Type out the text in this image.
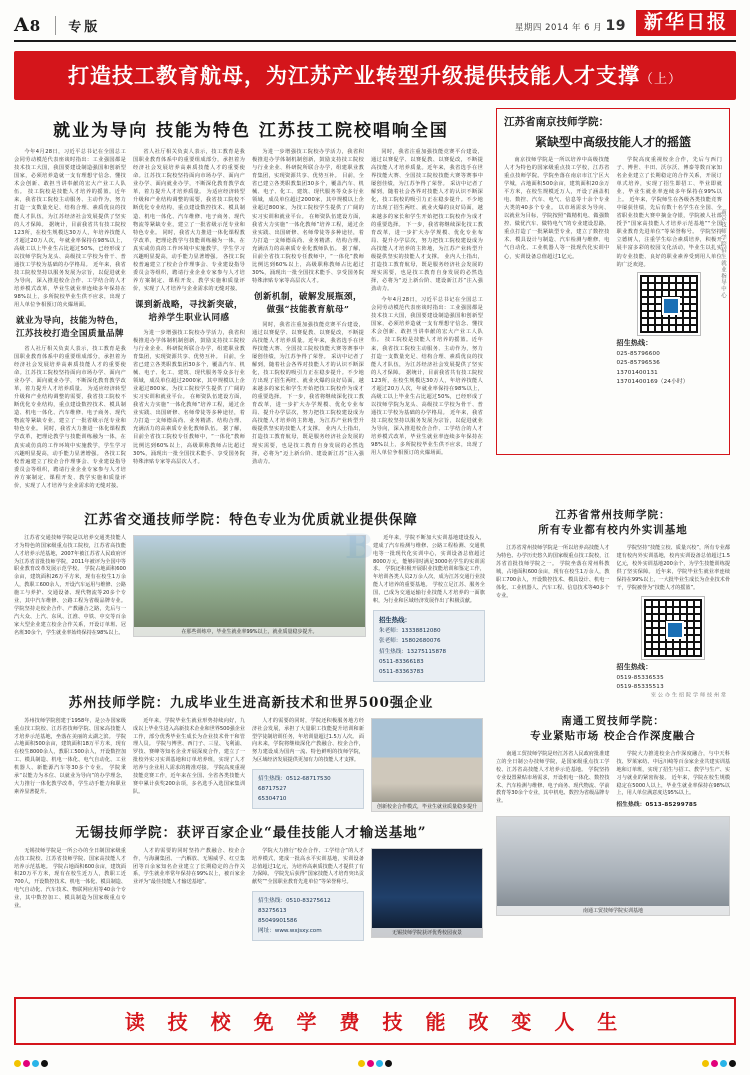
A8	专版	星期四 2014 年 6 月 19 新华日报
打造技工教育航母，为江苏产业转型升级提供技能人才支撑（上）
就业为导向 技能为特色 江苏技工院校唱响全国

今年4月28日，习近平总书记在全国总工会同劳动模范代表座谈时指出：工业强国都是技术技工大国，我国要建设制造强国和创新型国家，必须培养造就一支有理想守信念、懂技术会创新、敢担当讲奉献的宏大产业工人队伍。 技工院校是技能人才培养的摇篮。近年来，我省技工院校主动服务、主动作为，努力打造一支数量充足、结构合理、素质优良的技能人才队伍，为江苏经济社会发展提供了坚实的人才保障。 据统计，目前我省共有技工院校123所，在校生规模达30万人，年培养技能人才超过20万人次，年就业率保持在98%以上，高级工以上毕业生占比超过50%，已经形成了以技师学院为龙头、高级技工学校为骨干、普通技工学校为基础的办学格局。 近年来，我省技工院校坚持以服务发展为宗旨，以促进就业为导向，深入推进校企合作、工学结合的人才培养模式改革，毕业生就业率连续多年保持在98%以上，多所院校毕业生供不应求，出现了用人单位争相预订的火爆场面。

就业为导向，技能为特色， 江苏技校打造全国质量品牌

省人社厅相关负责人表示，技工教育是我国职业教育体系中的重要组成部分，承担着为经济社会发展培养高素质技能人才的重要使命。江苏技工院校坚持面向市场办学、面向产业办学、面向就业办学，不断深化教育教学改革，着力提升人才培养质量。 为适应经济转型升级和产业结构调整的需要，我省技工院校不断优化专业结构，重点建设数控技术、模具制造、机电一体化、汽车维修、电子商务、现代物流等紧缺专业，建立了一批省级示范专业和特色专业。 同时，我省大力推进一体化课程教学改革，把理论教学与技能训练融为一体，在真实或仿真的工作环境中实施教学，学生学习兴趣明显提高，动手能力显著增强。 各技工院校普遍建立了校企合作理事会、专业建设指导委员会等组织，聘请行业企业专家参与人才培养方案制定、课程开发、教学实施和质量评价，实现了人才培养与企业需求的无缝对接。

省人社厅相关负责人表示，技工教育是我国职业教育体系中的重要组成部分，承担着为经济社会发展培养高素质技能人才的重要使命。江苏技工院校坚持面向市场办学、面向产业办学、面向就业办学，不断深化教育教学改革，着力提升人才培养质量。 为适应经济转型升级和产业结构调整的需要，我省技工院校不断优化专业结构，重点建设数控技术、模具制造、机电一体化、汽车维修、电子商务、现代物流等紧缺专业，建立了一批省级示范专业和特色专业。 同时，我省大力推进一体化课程教学改革，把理论教学与技能训练融为一体，在真实或仿真的工作环境中实施教学，学生学习兴趣明显提高，动手能力显著增强。 各技工院校普遍建立了校企合作理事会、专业建设指导委员会等组织，聘请行业企业专家参与人才培养方案制定、课程开发、教学实施和质量评价，实现了人才培养与企业需求的无缝对接。

课到新战略，寻找新突破， 培养学生职业认同感

为进一步增强技工院校办学活力，我省积极推进办学体制机制创新，鼓励支持技工院校与行业企业、科研院所联合办学，组建职业教育集团，实现资源共享、优势互补。 目前，全省已建立各类职教集团30多个，覆盖汽车、机械、电子、化工、建筑、现代服务等众多行业领域，成员单位超过2000家，其中规模以上企业超过800家，为技工院校学生提供了广阔的实习实训和就业平台。 在师资队伍建设方面，我省大力实施“一体化教师”培养工程，通过企业实践、出国研修、名师带徒等多种途径，着力打造一支师德高尚、业务精湛、结构合理、充满活力的高素质专业化教师队伍。 据了解，目前全省技工院校专任教师中，“一体化”教师比例达到60%以上，高级职称教师占比超过30%，涌现出一批全国技术能手、享受国务院特殊津贴专家等高层次人才。

为进一步增强技工院校办学活力，我省积极推进办学体制机制创新，鼓励支持技工院校与行业企业、科研院所联合办学，组建职业教育集团，实现资源共享、优势互补。 目前，全省已建立各类职教集团30多个，覆盖汽车、机械、电子、化工、建筑、现代服务等众多行业领域，成员单位超过2000家，其中规模以上企业超过800家，为技工院校学生提供了广阔的实习实训和就业平台。 在师资队伍建设方面，我省大力实施“一体化教师”培养工程，通过企业实践、出国研修、名师带徒等多种途径，着力打造一支师德高尚、业务精湛、结构合理、充满活力的高素质专业化教师队伍。 据了解，目前全省技工院校专任教师中，“一体化”教师比例达到60%以上，高级职称教师占比超过30%，涌现出一批全国技术能手、享受国务院特殊津贴专家等高层次人才。

创新机制，破解发展瓶颈， 做强“技能教育航母”

同时，我省注重加强技能竞赛平台建设，通过以赛促学、以赛促教、以赛促改，不断提高技能人才培养质量。近年来，我省选手在世界技能大赛、全国技工院校技能大赛等赛事中屡创佳绩，为江苏争得了荣誉。 采访中记者了解到，随着社会各界对技能人才的认识不断深化，技工院校的吸引力正在稳步提升。不少地方出现了招生两旺、就业火爆的良好局面，越来越多的家长和学生开始把技工院校作为成才的重要选择。 下一步，我省将继续深化技工教育改革，进一步扩大办学规模、优化专业布局、提升办学层次，努力把技工院校建设成为高技能人才培养的主阵地，为江苏产业转型升级提供坚实的技能人才支撑。 业内人士指出，打造技工教育航母，既是服务经济社会发展的现实需要，也是技工教育自身发展的必然选择，必将为“迈上新台阶、建设新江苏”注入强劲动力。

同时，我省注重加强技能竞赛平台建设，通过以赛促学、以赛促教、以赛促改，不断提高技能人才培养质量。近年来，我省选手在世界技能大赛、全国技工院校技能大赛等赛事中屡创佳绩，为江苏争得了荣誉。 采访中记者了解到，随着社会各界对技能人才的认识不断深化，技工院校的吸引力正在稳步提升。不少地方出现了招生两旺、就业火爆的良好局面，越来越多的家长和学生开始把技工院校作为成才的重要选择。 下一步，我省将继续深化技工教育改革，进一步扩大办学规模、优化专业布局、提升办学层次，努力把技工院校建设成为高技能人才培养的主阵地，为江苏产业转型升级提供坚实的技能人才支撑。 业内人士指出，打造技工教育航母，既是服务经济社会发展的现实需要，也是技工教育自身发展的必然选择，必将为“迈上新台阶、建设新江苏”注入强劲动力。

今年4月28日，习近平总书记在全国总工会同劳动模范代表座谈时指出：工业强国都是技术技工大国，我国要建设制造强国和创新型国家，必须培养造就一支有理想守信念、懂技术会创新、敢担当讲奉献的宏大产业工人队伍。 技工院校是技能人才培养的摇篮。近年来，我省技工院校主动服务、主动作为，努力打造一支数量充足、结构合理、素质优良的技能人才队伍，为江苏经济社会发展提供了坚实的人才保障。 据统计，目前我省共有技工院校123所，在校生规模达30万人，年培养技能人才超过20万人次，年就业率保持在98%以上，高级工以上毕业生占比超过50%，已经形成了以技师学院为龙头、高级技工学校为骨干、普通技工学校为基础的办学格局。 近年来，我省技工院校坚持以服务发展为宗旨，以促进就业为导向，深入推进校企合作、工学结合的人才培养模式改革，毕业生就业率连续多年保持在98%以上，多所院校毕业生供不应求，出现了用人单位争相预订的火爆场面。

江苏省南京技师学院：
紧缺型中高级技能人才的摇篮

南京技师学院是一所以培养中高级技能人才为特色的国家级重点技工学校，江苏省重点技师学院。学院坐落在南京市江宁区大学城，占地面积500余亩，建筑面积20余万平方米，在校生规模近万人，开设了涵盖机电、数控、汽车、电气、信息等十余个专业大类的40多个专业。 以市场需求为导向、以就业为目标，学院按照“做精机电、做强数控、做优汽车、做特电气”的专业建设思路，重点打造了一批紧缺型专业，建立了数控技术、模具设计与制造、汽车检测与维修、电气自动化、工业机器人等一批现代化实训中心，实训设备总值超过1亿元。

学院高度重视校企合作，先后与西门子、博世、丰田、沃尔沃、博泰等数百家知名企业建立了长期稳定的合作关系，开展订单式培养，实现了招生即招工、毕业即就业，毕业生就业率连续多年保持在99%以上。 近年来，学院师生在各级各类技能竞赛中屡获佳绩，先后有数十名学生在全国、全省职业技能大赛中摘金夺银，学院被人社部授予“国家高技能人才培养示范基地”“全国职业教育先进单位”等荣誉称号。 学院坚持立德树人，注重学生综合素质培养，积极开展丰富多彩的校园文化活动，毕业生以扎实的专业技能、良好的职业素养受到用人单位的广泛欢迎。

招生热线：
025-85796600
025-85796536
13701400131
13701400169（24小时）
南京技师学院招生就业指导中心
江苏省交通技师学院：特色专业为优质就业提供保障

江苏省交通技师学院是以培养交通类技能人才为特色的国家级重点技工院校，江苏省高技能人才培养示范基地，2007年被江苏省人民政府评为江苏省首批技师学院，2011年被评为全国中等职业教育改革发展示范学校。 学院占地面积600余亩，建筑面积26万平方米，现有在校生1万余人，教职工600余人，开设汽车运用与维修、公路施工与养护、交通设备、现代物流等20多个专业，其中汽车维修、公路工程为省级品牌专业。 学院坚持走校企合作、产教融合之路，先后与一汽大众、上汽、东风、江淮、中铁、中交等百余家大型企业建立校企合作关系，开设订单班、冠名班30余个，学生就业率始终保持在98%以上。	在那些训练中，毕业生就业率99%以上，就业质量稳步提升。

近年来，学院不断加大实训基地建设投入，建成了汽车检测与维修、公路工程检测、交通机电等一批现代化实训中心，实训设备总值超过8000万元，能够同时满足3000名学生的实训需求。 学院还积极开展职业技能培训和鉴定工作，年培训各类人员2万余人次，成为江苏交通行业技能人才培养的重要基地。 学校立足江苏、服务全国，已成为交通运输行业技能人才培养的一面旗帜，为行业和区域经济发展作出了积极贡献。

招生热线：
朱老师：13338812080
张老师：15802680076
招生热线：13275115878
0511-83366183
0511-83363783
苏州技师学院：九成毕业生进高新技术和世界500强企业

苏州技师学院创建于1958年，是公办国家级重点技工院校、江苏省技师学院、国家高技能人才培养示范基地，坐落在美丽的太湖之滨。 学院占地面积500余亩，建筑面积18万平方米，现有在校生8000余人，教职工500余人，开设数控加工、模具制造、机电一体化、电气自动化、工业机器人、新能源汽车等30多个专业。 学院秉承“以能力为本位、以就业为导向”的办学理念，大力推行一体化教学改革，学生动手能力和职业素养显著提升。

近年来，学院毕业生就业形势持续向好，九成以上毕业生进入高新技术企业和世界500强企业工作，部分优秀毕业生成长为企业技术骨干和管理人员。 学院与博世、西门子、三星、飞利浦、罗技、赛峰等知名企业开展深度合作，建立了一批校外实习实训基地和订单培养班，实现了人才培养与企业用人需求的精准对接。 学院高度重视技能竞赛工作，近年来在全国、全省各类技能大赛中累计获奖200余项，多名选手入选国家集训队。

人才的需要的同时，学院还积极服务地方经济社会发展，承担了大量职工技能提升培训和新型学徒制培训任务，年培训量超过1.5万人次。 面向未来，学院将继续深化产教融合、校企合作，努力建设成为国内一流、特色鲜明的技师学院，为区域经济发展提供更加有力的技能人才支撑。

招生热线：0512-68717530
68717527
65304710
创新校企合作模式，毕业生就业质量稳步提升
无锡技师学院：获评百家企业“最佳技能人才输送基地”

无锡技师学院是一所公办的全日制国家级重点技工院校、江苏省技师学院、国家高技能人才培养示范基地。 学院占地面积600余亩，建筑面积20万平方米，现有在校生近万人，教职工近700人，开设数控技术、机电一体化、模具制造、电气自动化、汽车技术、物联网应用等40余个专业，其中数控加工、模具制造为国家级重点专业。

人才的需要的同时坚持产教融合、校企合作，与海澜集团、一汽解放、无锡威孚、红豆集团等百余家知名企业建立了长期稳定的合作关系，学生就业率常年保持在99%以上，被百家企业评为“最佳技能人才输送基地”。

学院大力推行“校企合作、工学结合”的人才培养模式，建成一批高水平实训基地，实训设备总值超过1亿元，为培养高素质技能人才提供了有力保障。 学院先后获得“国家技能人才培育突出贡献奖”“全国职业教育先进单位”等荣誉称号。

招生热线：0510-83275612
83275613
85049901586
网址：www.wxjsxy.com	无锡技师学院获评优秀校园夜景
江苏省常州技师学院：
所有专业都有校内外实训基地

江苏省常州技师学院是一所以培养高技能人才为特色、办学历史悠久的国家级重点技工院校，江苏省首批技师学院之一。 学院坐落在常州科教城，占地面积600余亩，现有在校生1万余人，教职工700余人，开设数控技术、模具设计、机电一体化、工业机器人、汽车工程、信息技术等40多个专业。

学院坚持“技能立校、质量兴校”，所有专业都建有校内外实训基地，校内实训设备总值超过1.5亿元，校外实训基地200余个，为学生技能训练提供了坚实保障。 近年来，学院毕业生就业率连续保持在99%以上，一大批毕业生成长为企业技术骨干，学院被誉为“技能人才的摇篮”。

招生热线：
0519-85336535
0519-85335513
常州技师学院招生办公室
南通工贸技师学院：
专业紧贴市场 校企合作深度融合

南通工贸技师学院是经江苏省人民政府批准建立的全日制公办技师学院，是国家级重点技工学校、江苏省高技能人才培养示范基地。 学院坚持专业设置紧贴市场需求，开设机电一体化、数控技术、汽车检测与维修、电子商务、现代物流、学前教育等30余个专业，其中机电、数控为省级品牌专业。

学院大力推进校企合作深度融合，与中天科技、罗莱家纺、中远川崎等百余家企业共建实训基地和订单班，实现了招生与招工、教学与生产、实习与就业的紧密衔接。 近年来，学院在校生规模稳定在5000人以上，毕业生就业率保持在98%以上，用人单位满意度达95%以上。

招生热线：0513-85299785
南通工贸技师学院实训基地
读 技 校 免 学 费 技 能 改 变 人 生
